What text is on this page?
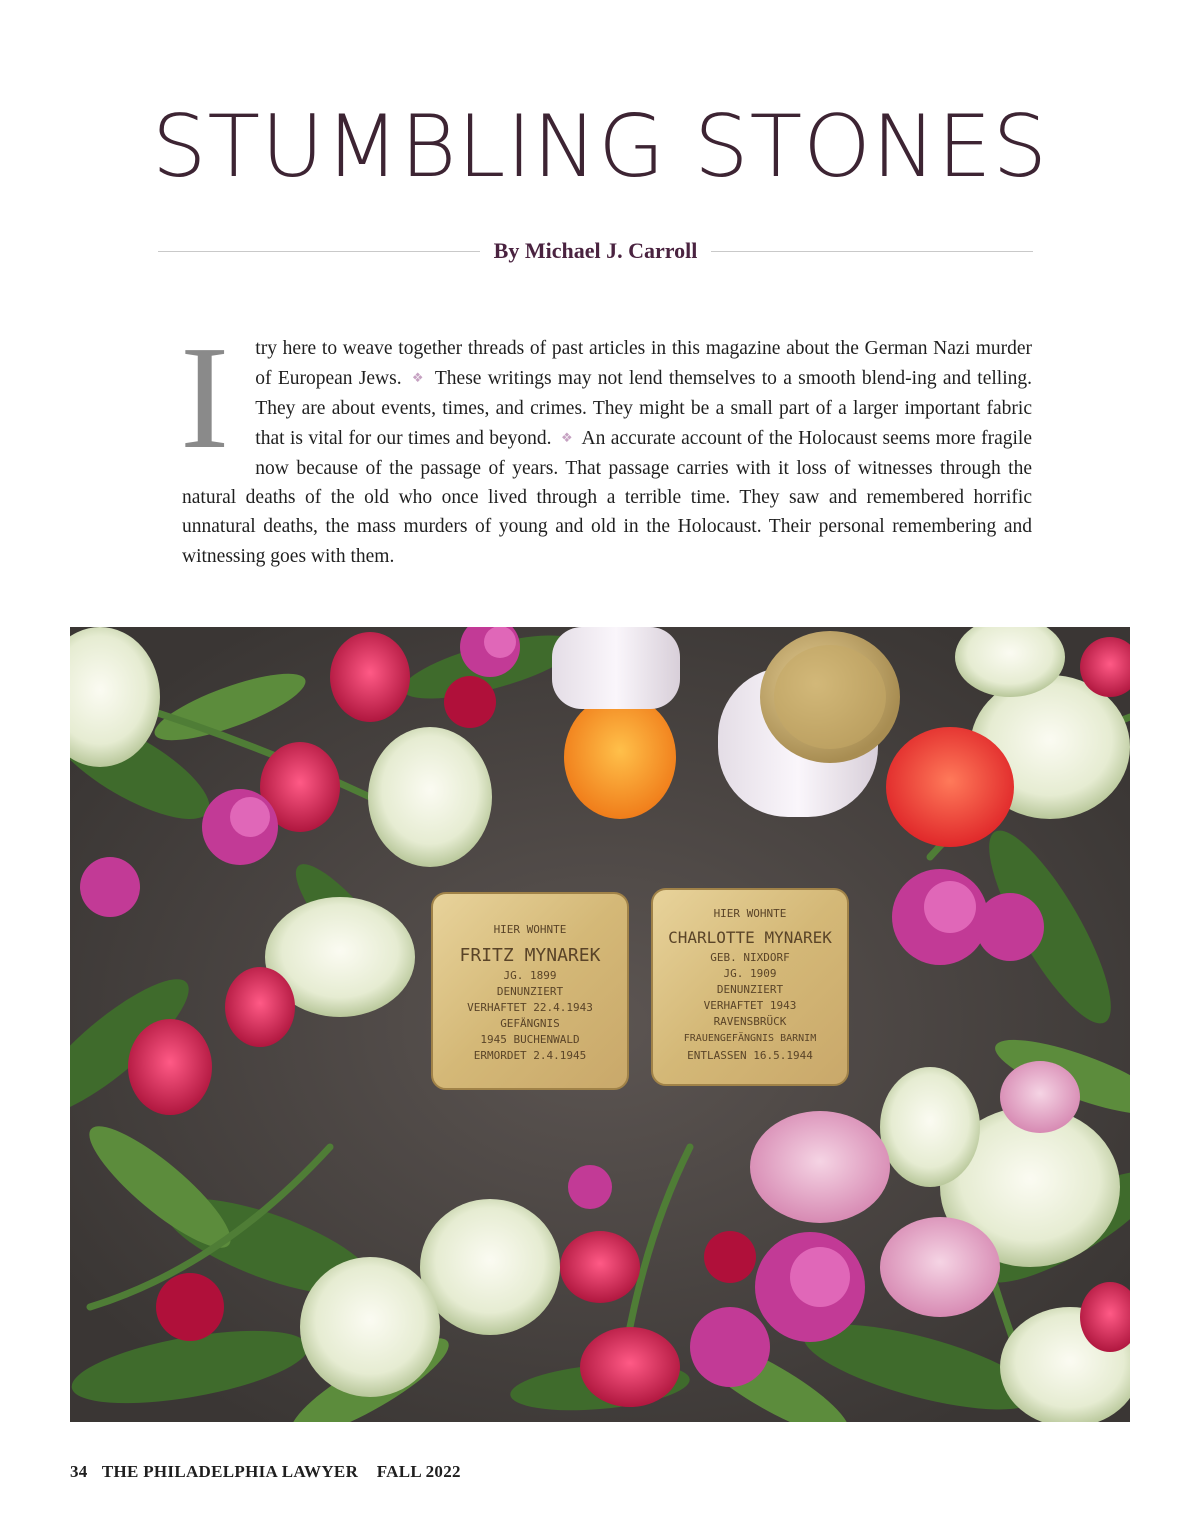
STUMBLING STONES
By Michael J. Carroll
I try here to weave together threads of past articles in this magazine about the German Nazi murder of European Jews. ❖ These writings may not lend themselves to a smooth blend-ing and telling. They are about events, times, and crimes. They might be a small part of a larger important fabric that is vital for our times and beyond. ❖ An accurate account of the Holocaust seems more fragile now because of the passage of years. That passage carries with it loss of witnesses through the natural deaths of the old who once lived through a terrible time. They saw and remembered horrific unnatural deaths, the mass murders of young and old in the Holocaust. Their personal remembering and witnessing goes with them.
HIER WOHNTE
FRITZ MYNAREK
JG. 1899
DENUNZIERT
VERHAFTET 22.4.1943
GEFÄNGNIS
1945 BUCHENWALD
ERMORDET 2.4.1945
HIER WOHNTE
CHARLOTTE MYNAREK
GEB. NIXDORF
JG. 1909
DENUNZIERT
VERHAFTET 1943
RAVENSBRÜCK
FRAUENGEFÄNGNIS BARNIM
ENTLASSEN 16.5.1944
34 THE PHILADELPHIA LAWYER FALL 2022
